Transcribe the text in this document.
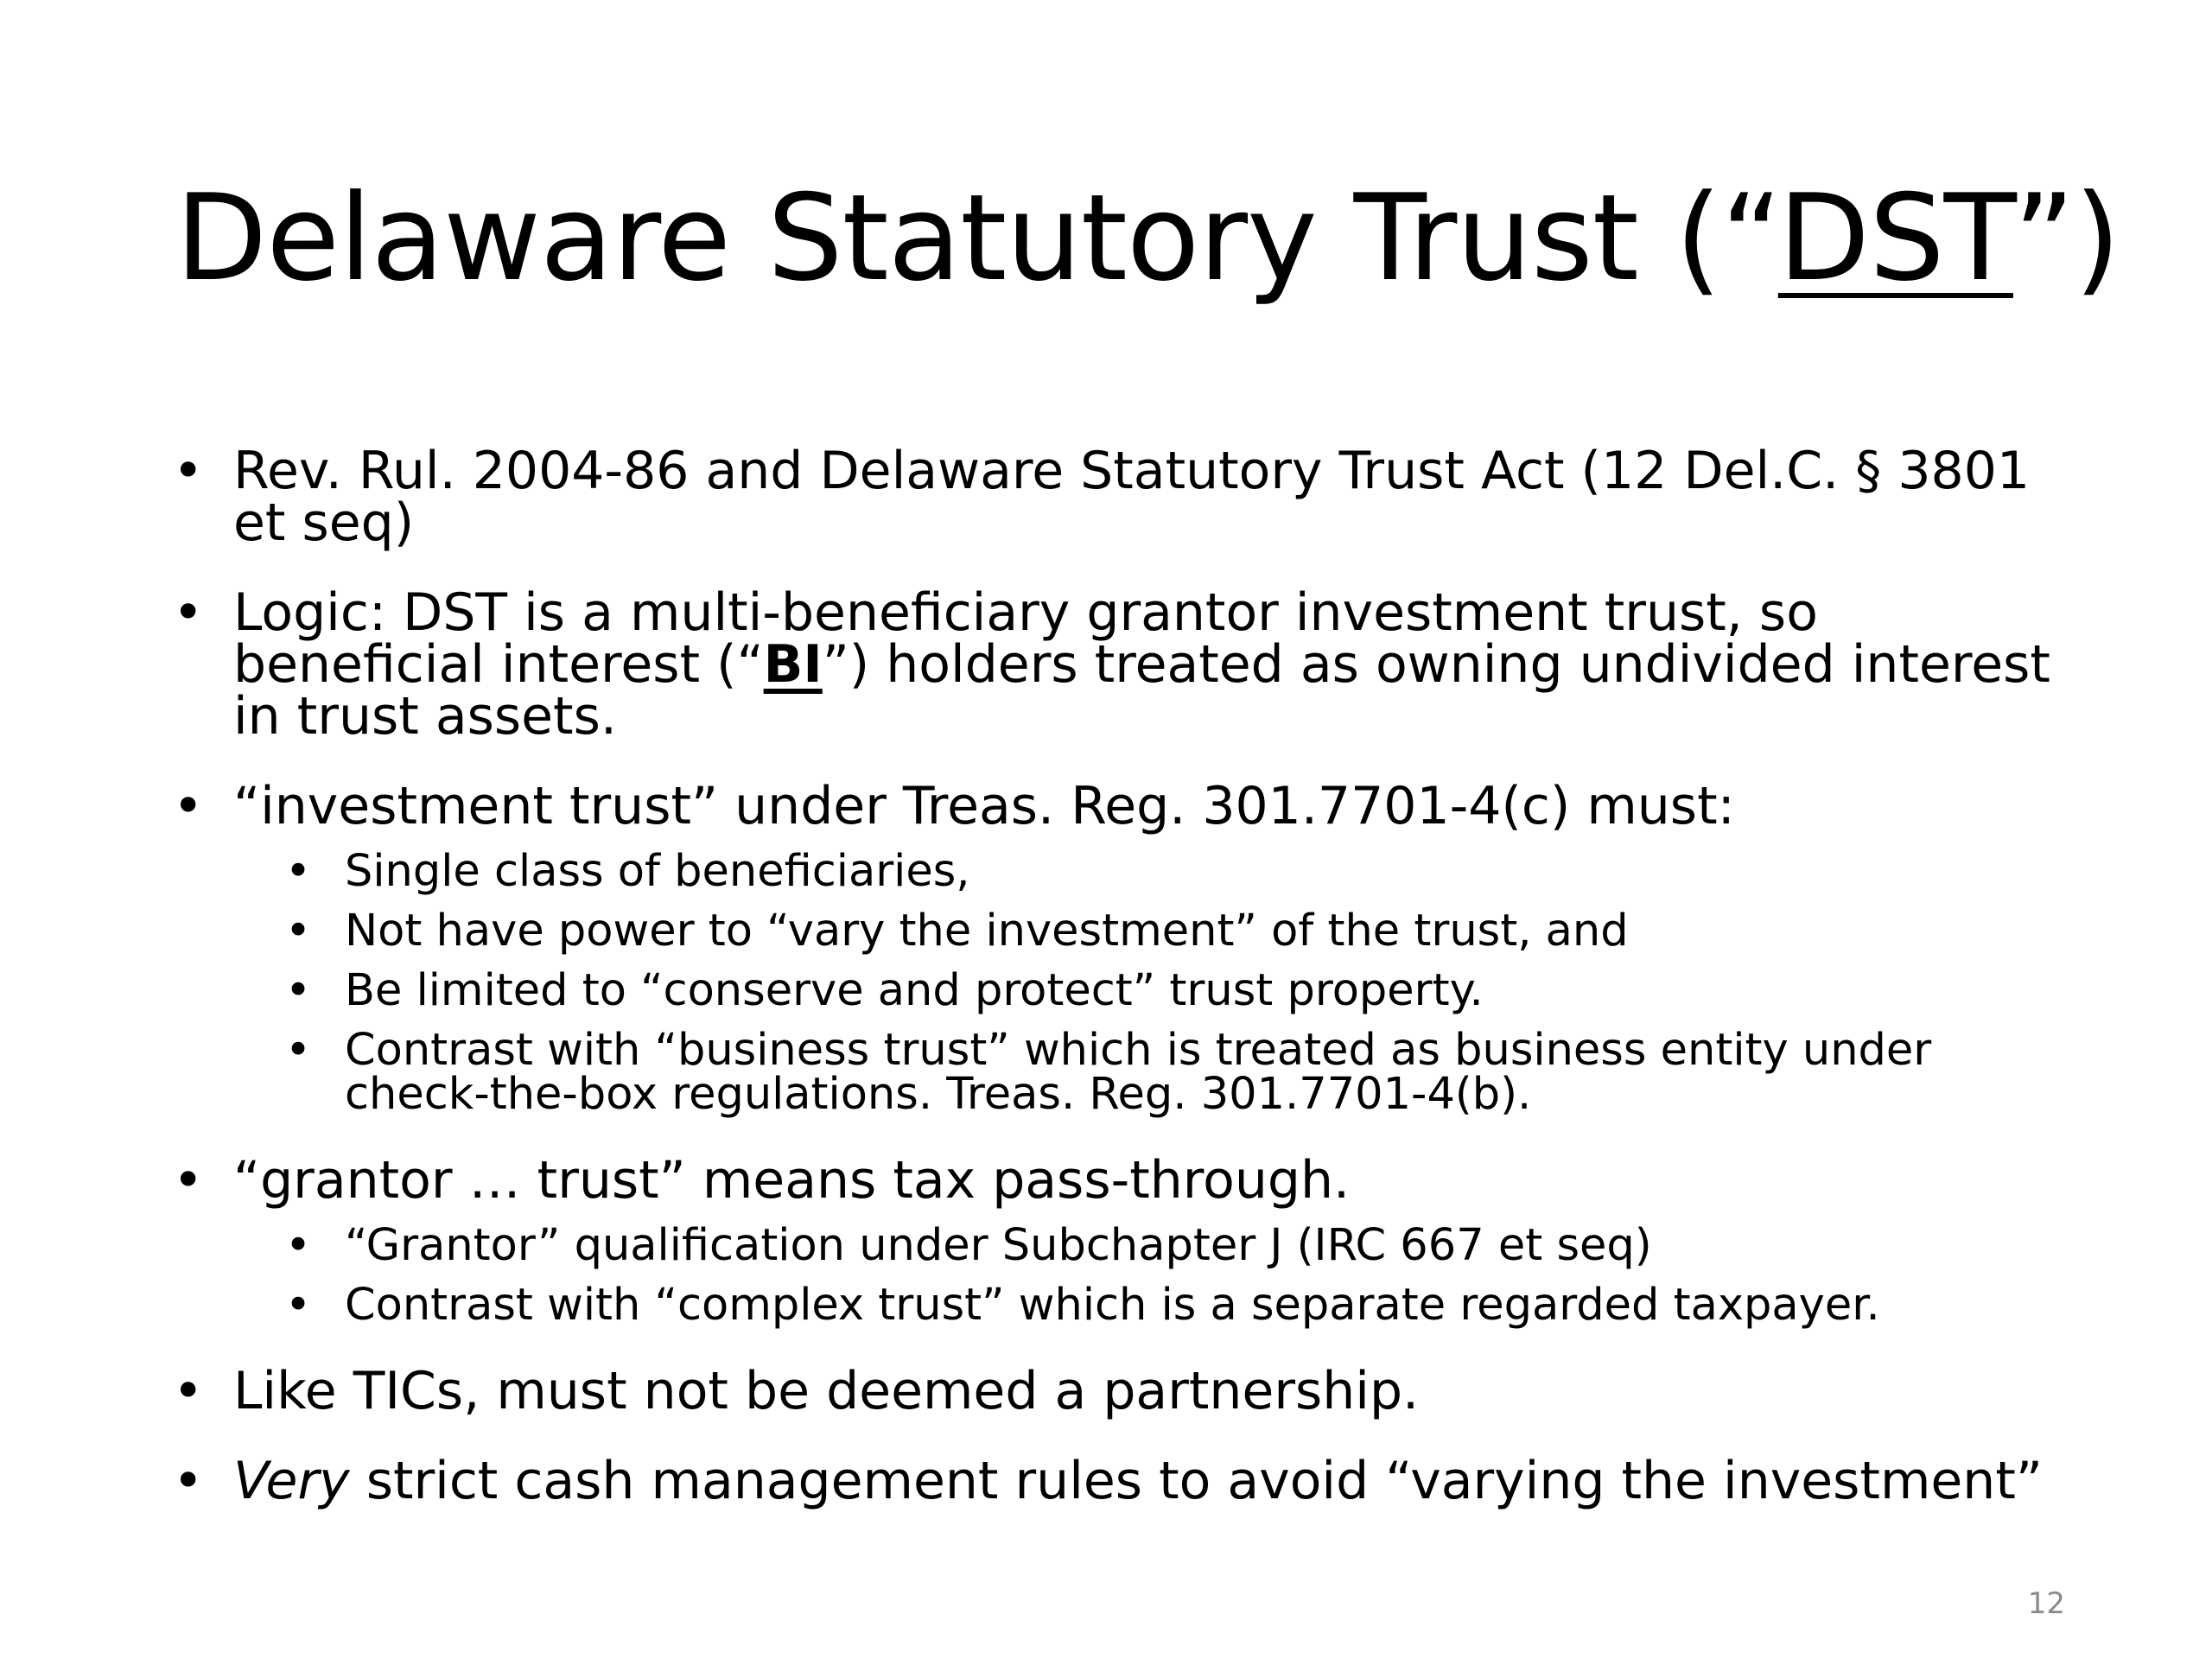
Delaware Statutory Trust (“DST”)
• Rev. Rul. 2004-86 and Delaware Statutory Trust Act (12 Del.C. § 3801 et seq)
• Logic: DST is a multi-beneficiary grantor investment trust, so beneficial interest (“BI”) holders treated as owning undivided interest in trust assets.
• “investment trust” under Treas. Reg. 301.7701-4(c) must:
• Single class of beneficiaries,
• Not have power to “vary the investment” of the trust, and
• Be limited to “conserve and protect” trust property.
• Contrast with “business trust” which is treated as business entity under check-the-box regulations. Treas. Reg. 301.7701-4(b).
• “grantor … trust” means tax pass-through.
• “Grantor” qualification under Subchapter J (IRC 667 et seq)
• Contrast with “complex trust” which is a separate regarded taxpayer.
• Like TICs, must not be deemed a partnership.
• Very strict cash management rules to avoid “varying the investment”
12
